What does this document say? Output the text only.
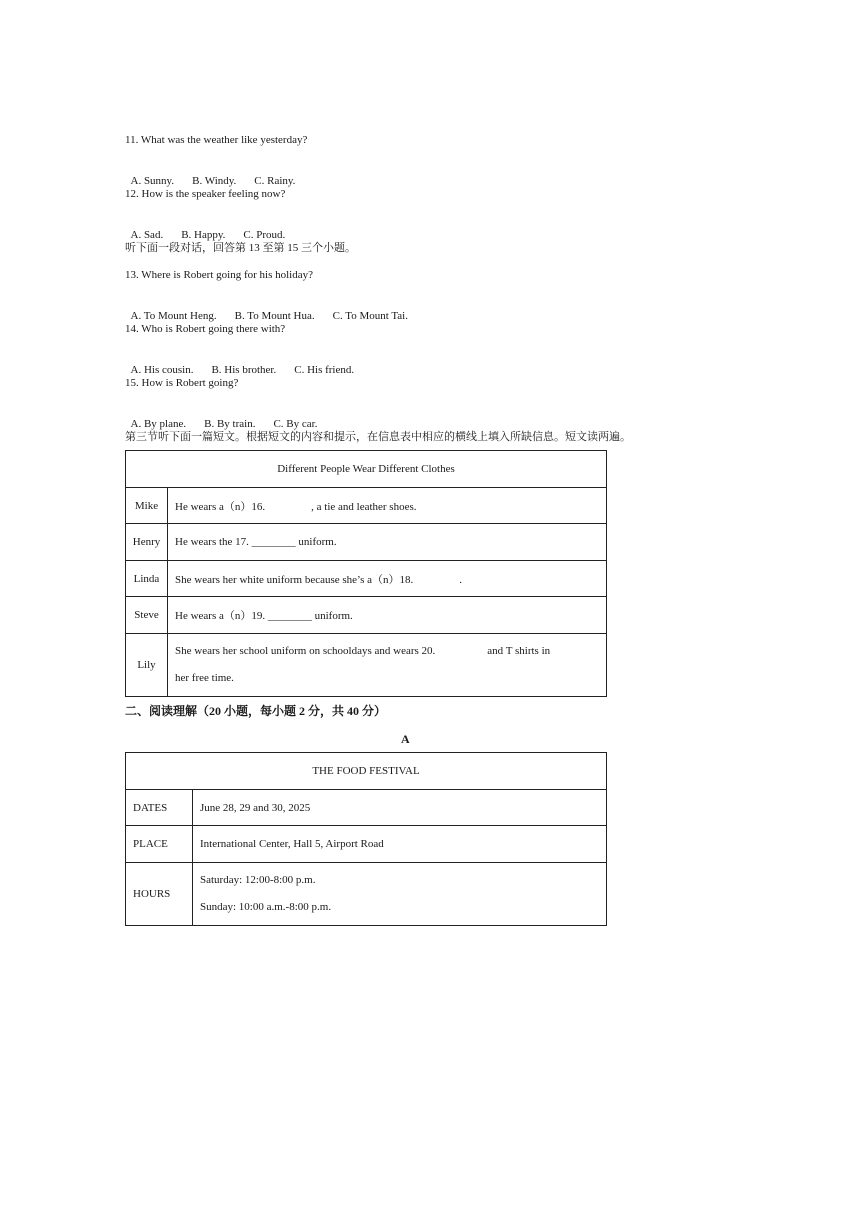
11. What was the weather like yesterday?

A. Sunny. B. Windy. C. Rainy.

12. How is the speaker feeling now?

A. Sad. B. Happy. C. Proud.

听下面一段对话，回答第 13 至第 15 三个小题。
13. Where is Robert going for his holiday?

A. To Mount Heng. B. To Mount Hua. C. To Mount Tai.

14. Who is Robert going there with?

A. His cousin. B. His brother. C. His friend.

15. How is Robert going?

A. By plane. B. By train. C. By car.

第三节听下面一篇短文。根据短文的内容和提示，在信息表中相应的横线上填入所缺信息。短文读两遍。
Different People Wear Different Clothes	
Mike	He wears a（n）16. , a tie and leather shoes.
Henry	He wears the 17. ________ uniform.
Linda	She wears her white uniform because she’s a（n）18. .
Steve	He wears a（n）19. ________ uniform.
Lily	She wears her school uniform on schooldays and wears 20. and T shirts in
her free time.
二、阅读理解（20 小题，每小题 2 分，共 40 分）
A
THE FOOD FESTIVAL	
DATES	June 28, 29 and 30, 2025
PLACE	International Center, Hall 5, Airport Road
HOURS	Saturday: 12:00-8:00 p.m.
Sunday: 10:00 a.m.-8:00 p.m.
